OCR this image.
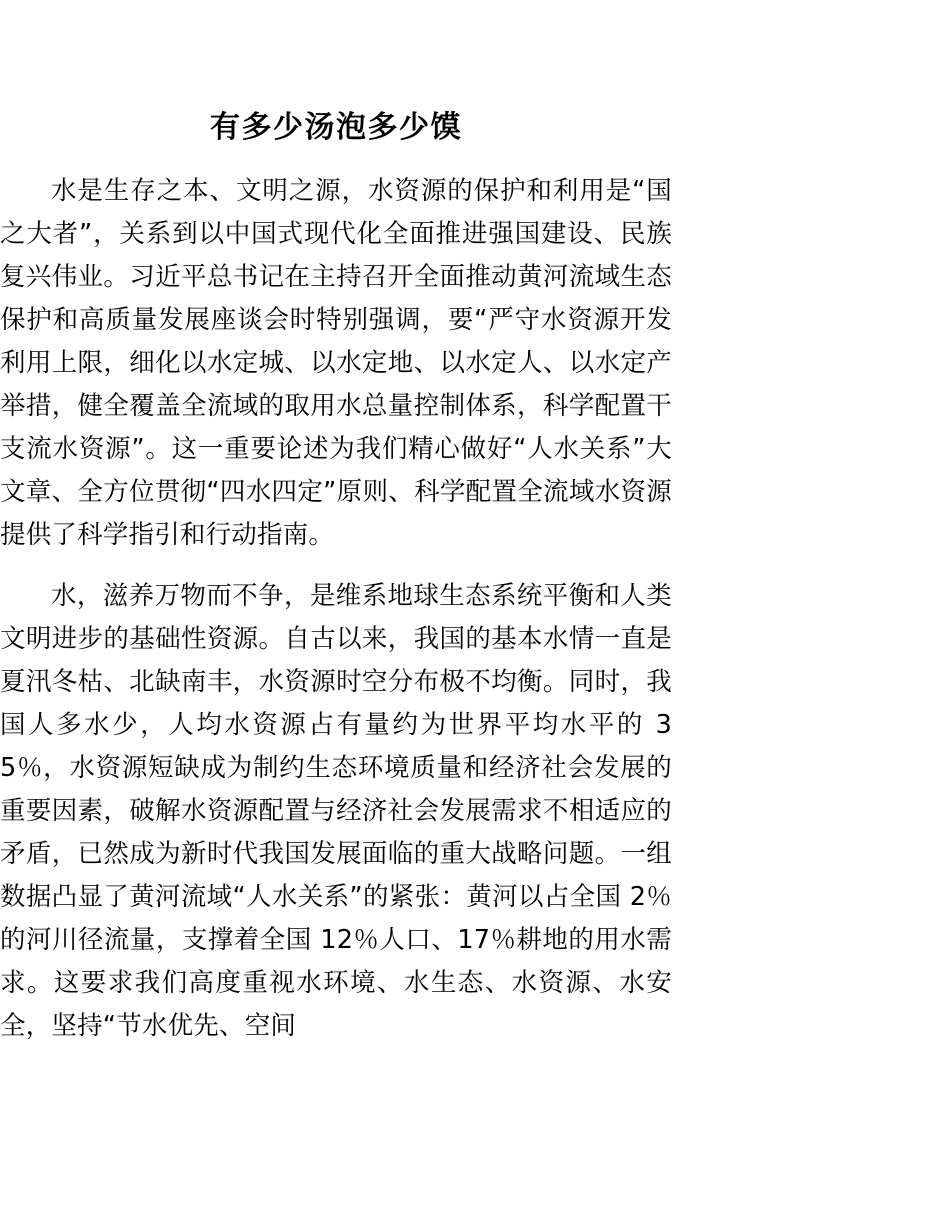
有多少汤泡多少馍

水是生存之本、文明之源，水资源的保护和利用是“国之大者”，关系到以中国式现代化全面推进强国建设、民族复兴伟业。习近平总书记在主持召开全面推动黄河流域生态保护和高质量发展座谈会时特别强调，要“严守水资源开发利用上限，细化以水定城、以水定地、以水定人、以水定产举措，健全覆盖全流域的取用水总量控制体系，科学配置干支流水资源”。这一重要论述为我们精心做好“人水关系”大文章、全方位贯彻“四水四定”原则、科学配置全流域水资源提供了科学指引和行动指南。

水，滋养万物而不争，是维系地球生态系统平衡和人类文明进步的基础性资源。自古以来，我国的基本水情一直是夏汛冬枯、北缺南丰，水资源时空分布极不均衡。同时，我国人多水少，人均水资源占有量约为世界平均水平的 35％，水资源短缺成为制约生态环境质量和经济社会发展的重要因素，破解水资源配置与经济社会发展需求不相适应的矛盾，已然成为新时代我国发展面临的重大战略问题。一组数据凸显了黄河流域“人水关系”的紧张：黄河以占全国 2％的河川径流量，支撑着全国 12％人口、17％耕地的用水需求。这要求我们高度重视水环境、水生态、水资源、水安全，坚持“节水优先、空间
